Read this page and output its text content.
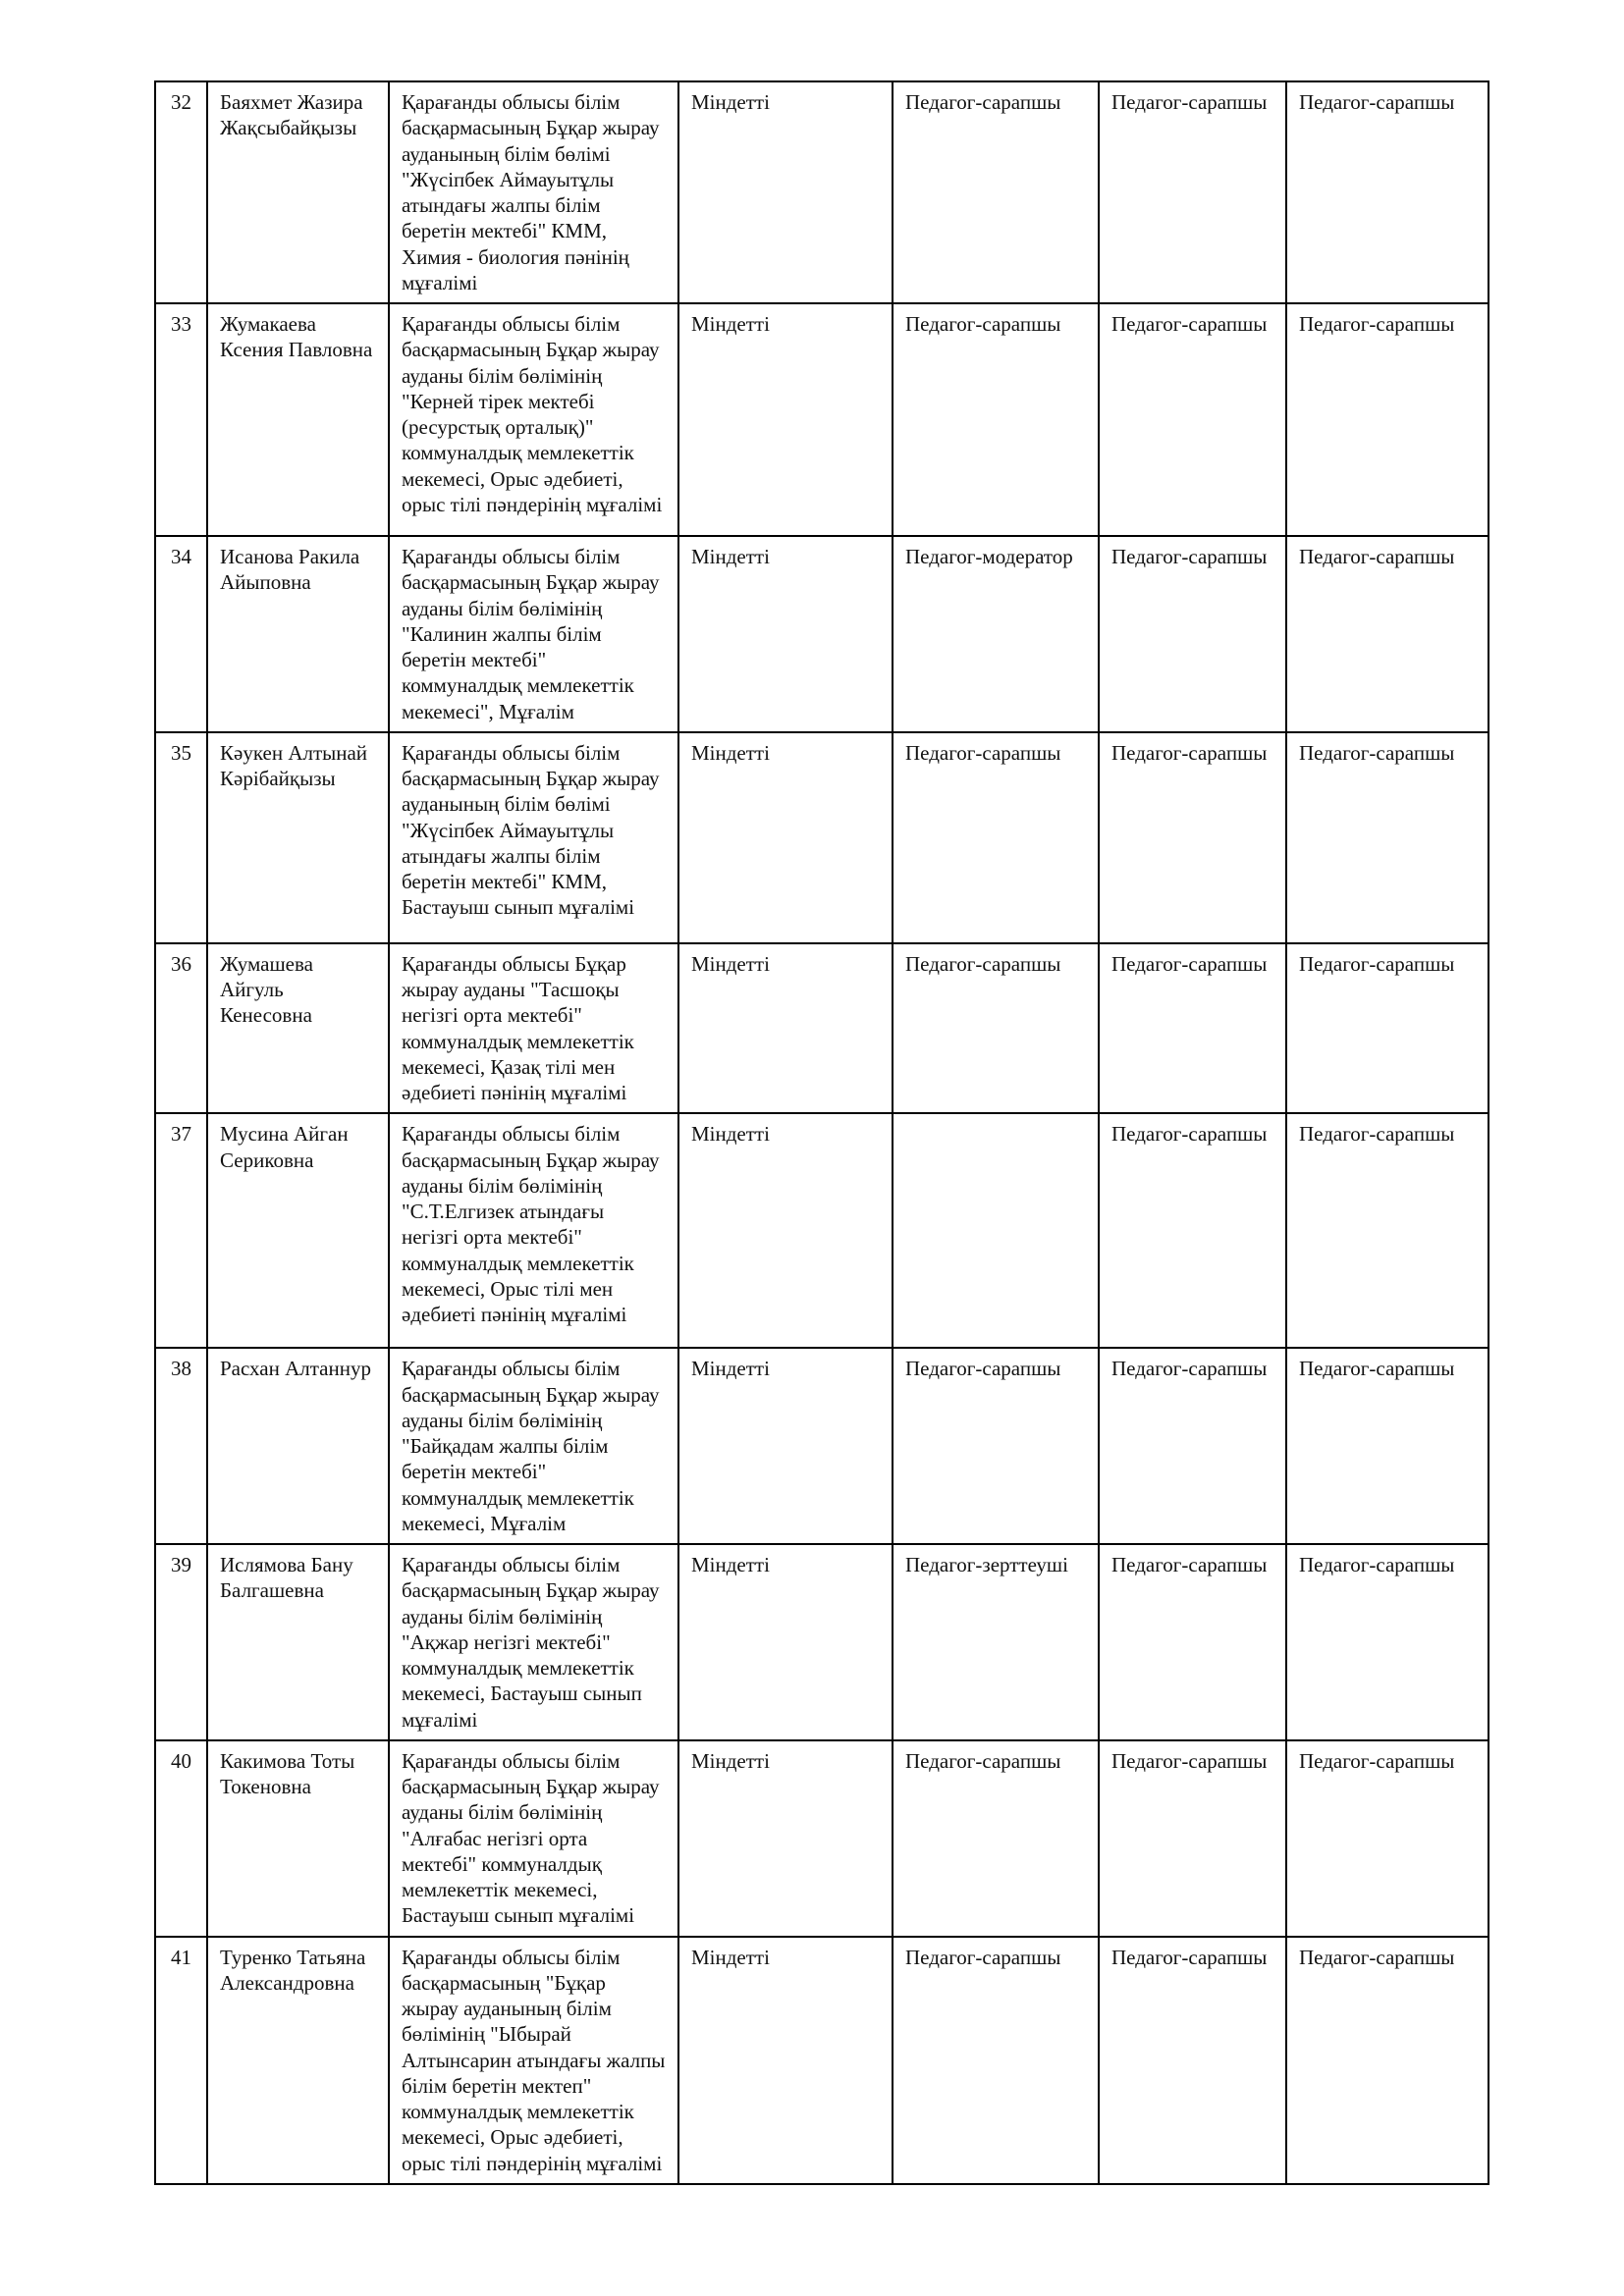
32	Баяхмет Жазира Жақсыбайқызы	Қарағанды облысы білім басқармасының Бұқар жырау ауданының білім бөлімі "Жүсіпбек Аймауытұлы атындағы жалпы білім беретін мектебі" КММ, Химия - биология пәнінің мұғалімі	Міндетті	Педагог-сарапшы	Педагог-сарапшы	Педагог-сарапшы
33	Жумакаева Ксения Павловна	Қарағанды облысы білім басқармасының Бұқар жырау ауданы білім бөлімінің "Керней тірек мектебі (ресурстық орталық)" коммуналдық мемлекеттік мекемесі, Орыс әдебиеті, орыс тілі пәндерінің мұғалімі	Міндетті	Педагог-сарапшы	Педагог-сарапшы	Педагог-сарапшы
34	Исанова Ракила Айыповна	Қарағанды облысы білім басқармасының Бұқар жырау ауданы білім бөлімінің "Калинин жалпы білім беретін мектебі" коммуналдық мемлекеттік мекемесі", Мұғалім	Міндетті	Педагог-модератор	Педагог-сарапшы	Педагог-сарапшы
35	Кәукен Алтынай Кәрібайқызы	Қарағанды облысы білім басқармасының Бұқар жырау ауданының білім бөлімі "Жүсіпбек Аймауытұлы атындағы жалпы білім беретін мектебі" КММ, Бастауыш сынып мұғалімі	Міндетті	Педагог-сарапшы	Педагог-сарапшы	Педагог-сарапшы
36	Жумашева Айгуль Кенесовна	Қарағанды облысы Бұқар жырау ауданы "Тасшоқы негізгі орта мектебі" коммуналдық мемлекеттік мекемесі, Қазақ тілі мен әдебиеті пәнінің мұғалімі	Міндетті	Педагог-сарапшы	Педагог-сарапшы	Педагог-сарапшы
37	Мусина Айган Сериковна	Қарағанды облысы білім басқармасының Бұқар жырау ауданы білім бөлімінің "С.Т.Елгизек атындағы негізгі орта мектебі" коммуналдық мемлекеттік мекемесі, Орыс тілі мен әдебиеті пәнінің мұғалімі	Міндетті		Педагог-сарапшы	Педагог-сарапшы
38	Расхан Алтаннур	Қарағанды облысы білім басқармасының Бұқар жырау ауданы білім бөлімінің "Байқадам жалпы білім беретін мектебі" коммуналдық мемлекеттік мекемесі, Мұғалім	Міндетті	Педагог-сарапшы	Педагог-сарапшы	Педагог-сарапшы
39	Ислямова Бану Балгашевна	Қарағанды облысы білім басқармасының Бұқар жырау ауданы білім бөлімінің "Ақжар негізгі мектебі" коммуналдық мемлекеттік мекемесі, Бастауыш сынып мұғалімі	Міндетті	Педагог-зерттеуші	Педагог-сарапшы	Педагог-сарапшы
40	Какимова Тоты Токеновна	Қарағанды облысы білім басқармасының Бұқар жырау ауданы білім бөлімінің "Алғабас негізгі орта мектебі" коммуналдық мемлекеттік мекемесі, Бастауыш сынып мұғалімі	Міндетті	Педагог-сарапшы	Педагог-сарапшы	Педагог-сарапшы
41	Туренко Татьяна Александровна	Қарағанды облысы білім басқармасының "Бұқар жырау ауданының білім бөлімінің "Ыбырай Алтынсарин атындағы жалпы білім беретін мектеп" коммуналдық мемлекеттік мекемесі, Орыс әдебиеті, орыс тілі пәндерінің мұғалімі	Міндетті	Педагог-сарапшы	Педагог-сарапшы	Педагог-сарапшы
